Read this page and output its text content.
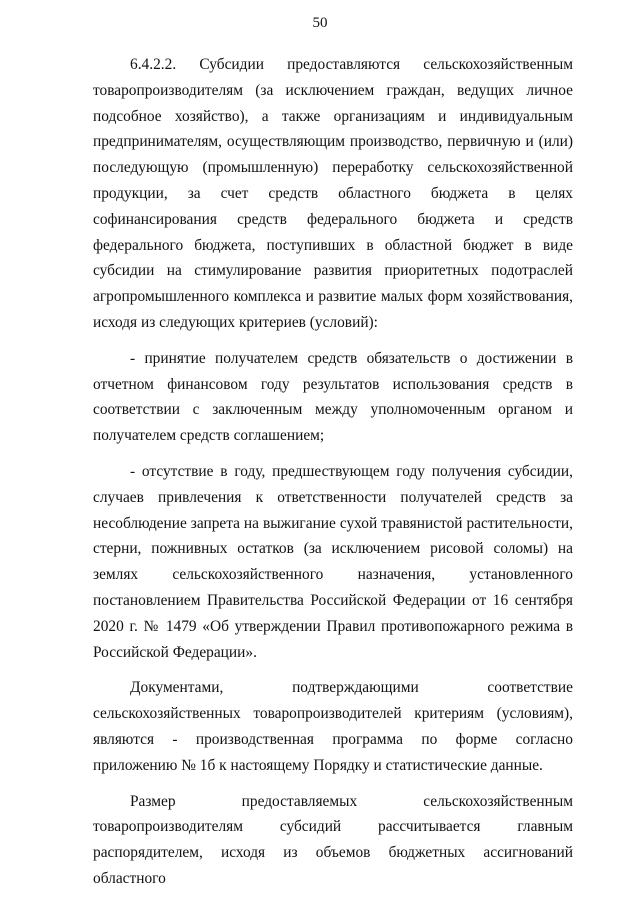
50

6.4.2.2. Субсидии предоставляются сельскохозяйственным товаропроизводителям (за исключением граждан, ведущих личное подсобное хозяйство), а также организациям и индивидуальным предпринимателям, осуществляющим производство, первичную и (или) последующую (промышленную) переработку сельскохозяйственной продукции, за счет средств областного бюджета в целях софинансирования средств федерального бюджета и средств федерального бюджета, поступивших в областной бюджет в виде субсидии на стимулирование развития приоритетных подотраслей агропромышленного комплекса и развитие малых форм хозяйствования, исходя из следующих критериев (условий):

- принятие получателем средств обязательств о достижении в отчетном финансовом году результатов использования средств в соответствии с заключенным между уполномоченным органом и получателем средств соглашением;

- отсутствие в году, предшествующем году получения субсидии, случаев привлечения к ответственности получателей средств за несоблюдение запрета на выжигание сухой травянистой растительности, стерни, пожнивных остатков (за исключением рисовой соломы) на землях сельскохозяйственного назначения, установленного постановлением Правительства Российской Федерации от 16 сентября 2020 г. № 1479 «Об утверждении Правил противопожарного режима в Российской Федерации».

Документами, подтверждающими соответствие сельскохозяйственных товаропроизводителей критериям (условиям), являются - производственная программа по форме согласно приложению № 1б к настоящему Порядку и статистические данные.

Размер предоставляемых сельскохозяйственным товаропроизводителям субсидий рассчитывается главным распорядителем, исходя из объемов бюджетных ассигнований областного
